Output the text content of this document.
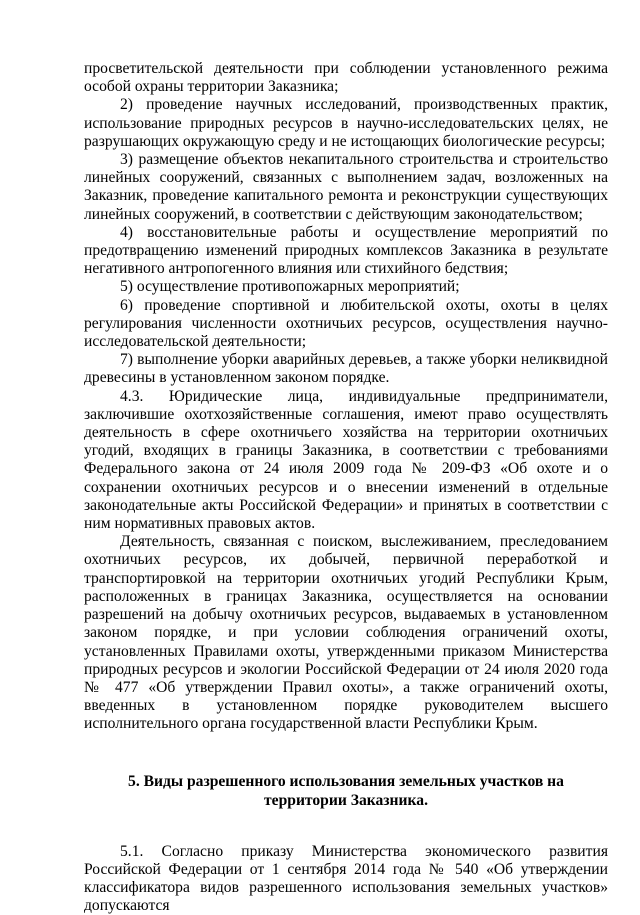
просветительской деятельности при соблюдении установленного режима особой охраны территории Заказника;

2) проведение научных исследований, производственных практик, использование природных ресурсов в научно-исследовательских целях, не разрушающих окружающую среду и не истощающих биологические ресурсы;

3) размещение объектов некапитального строительства и строительство линейных сооружений, связанных с выполнением задач, возложенных на Заказник, проведение капитального ремонта и реконструкции существующих линейных сооружений, в соответствии с действующим законодательством;

4) восстановительные работы и осуществление мероприятий по предотвращению изменений природных комплексов Заказника в результате негативного антропогенного влияния или стихийного бедствия;

5) осуществление противопожарных мероприятий;

6) проведение спортивной и любительской охоты, охоты в целях регулирования численности охотничьих ресурсов, осуществления научно-исследовательской деятельности;

7) выполнение уборки аварийных деревьев, а также уборки неликвидной древесины в установленном законом порядке.

4.3. Юридические лица, индивидуальные предприниматели, заключившие охотхозяйственные соглашения, имеют право осуществлять деятельность в сфере охотничьего хозяйства на территории охотничьих угодий, входящих в границы Заказника, в соответствии с требованиями Федерального закона от 24 июля 2009 года № 209-ФЗ «Об охоте и о сохранении охотничьих ресурсов и о внесении изменений в отдельные законодательные акты Российской Федерации» и принятых в соответствии с ним нормативных правовых актов.

Деятельность, связанная с поиском, выслеживанием, преследованием охотничьих ресурсов, их добычей, первичной переработкой и транспортировкой на территории охотничьих угодий Республики Крым, расположенных в границах Заказника, осуществляется на основании разрешений на добычу охотничьих ресурсов, выдаваемых в установленном законом порядке, и при условии соблюдения ограничений охоты, установленных Правилами охоты, утвержденными приказом Министерства природных ресурсов и экологии Российской Федерации от 24 июля 2020 года № 477 «Об утверждении Правил охоты», а также ограничений охоты, введенных в установленном порядке руководителем высшего исполнительного органа государственной власти Республики Крым.

5. Виды разрешенного использования земельных участков на территории Заказника.

5.1. Согласно приказу Министерства экономического развития Российской Федерации от 1 сентября 2014 года № 540 «Об утверждении классификатора видов разрешенного использования земельных участков» допускаются
